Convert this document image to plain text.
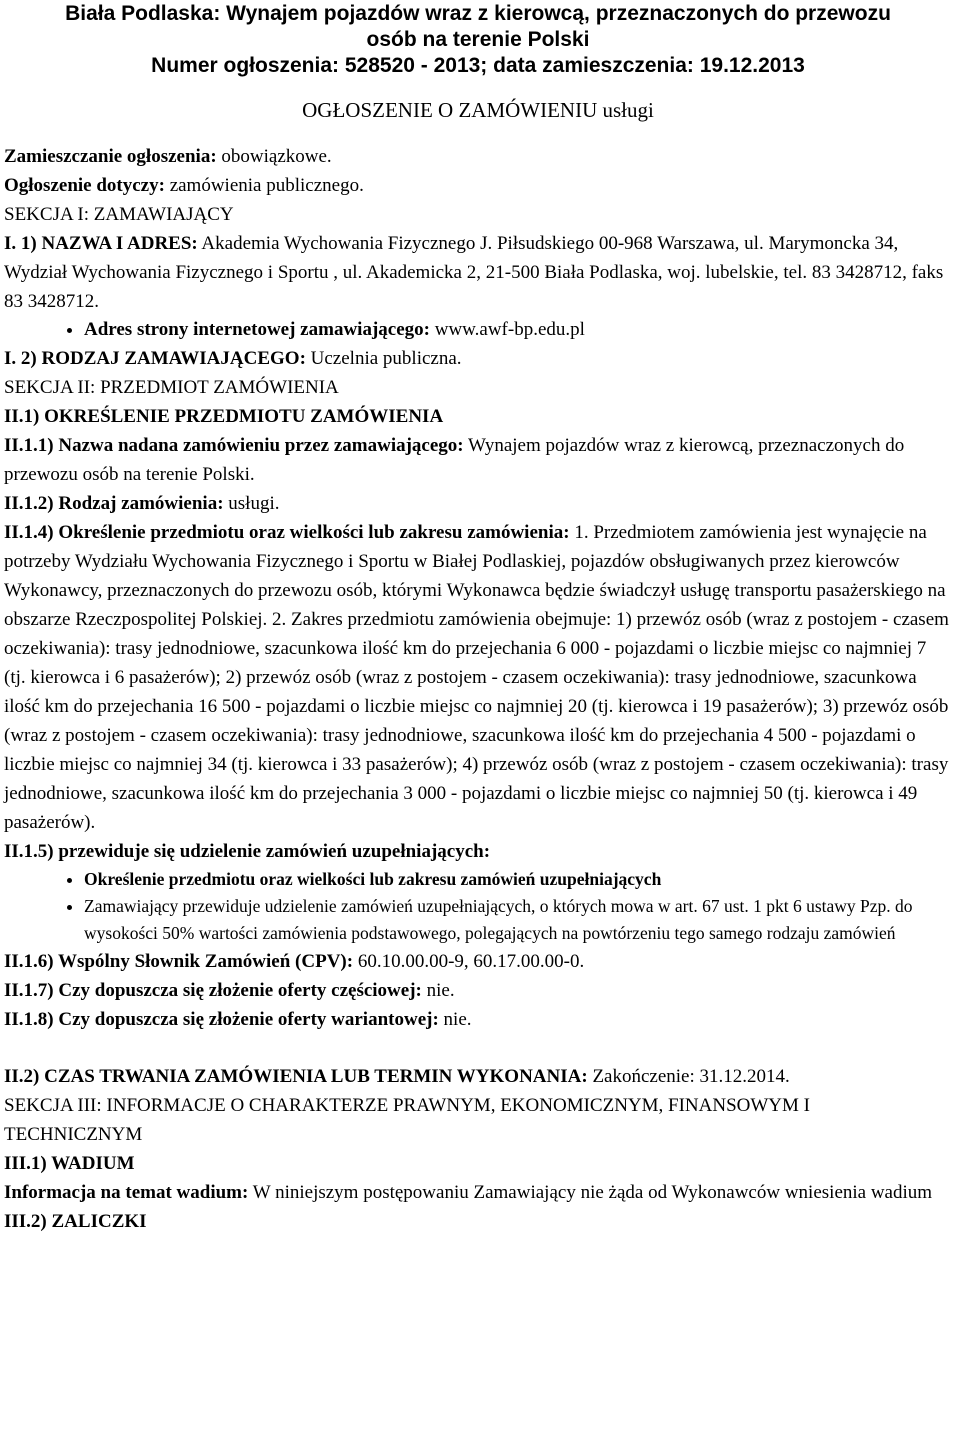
Biała Podlaska: Wynajem pojazdów wraz z kierowcą, przeznaczonych do przewozu
osób na terenie Polski
Numer ogłoszenia: 528520 - 2013; data zamieszczenia: 19.12.2013
OGŁOSZENIE O ZAMÓWIENIU usługi

Zamieszczanie ogłoszenia: obowiązkowe.

Ogłoszenie dotyczy: zamówienia publicznego.

SEKCJA I: ZAMAWIAJĄCY

I. 1) NAZWA I ADRES: Akademia Wychowania Fizycznego J. Piłsudskiego 00-968 Warszawa, ul. Marymoncka 34, Wydział Wychowania Fizycznego i Sportu , ul. Akademicka 2, 21-500 Biała Podlaska, woj. lubelskie, tel. 83 3428712, faks 83 3428712.

• Adres strony internetowej zamawiającego: www.awf-bp.edu.pl

I. 2) RODZAJ ZAMAWIAJĄCEGO: Uczelnia publiczna.

SEKCJA II: PRZEDMIOT ZAMÓWIENIA

II.1) OKREŚLENIE PRZEDMIOTU ZAMÓWIENIA

II.1.1) Nazwa nadana zamówieniu przez zamawiającego: Wynajem pojazdów wraz z kierowcą, przeznaczonych do przewozu osób na terenie Polski.

II.1.2) Rodzaj zamówienia: usługi.

II.1.4) Określenie przedmiotu oraz wielkości lub zakresu zamówienia: 1. Przedmiotem zamówienia jest wynajęcie na potrzeby Wydziału Wychowania Fizycznego i Sportu w Białej Podlaskiej, pojazdów obsługiwanych przez kierowców Wykonawcy, przeznaczonych do przewozu osób, którymi Wykonawca będzie świadczył usługę transportu pasażerskiego na obszarze Rzeczpospolitej Polskiej. 2. Zakres przedmiotu zamówienia obejmuje: 1) przewóz osób (wraz z postojem - czasem oczekiwania): trasy jednodniowe, szacunkowa ilość km do przejechania 6 000 - pojazdami o liczbie miejsc co najmniej 7 (tj. kierowca i 6 pasażerów); 2) przewóz osób (wraz z postojem - czasem oczekiwania): trasy jednodniowe, szacunkowa ilość km do przejechania 16 500 - pojazdami o liczbie miejsc co najmniej 20 (tj. kierowca i 19 pasażerów); 3) przewóz osób (wraz z postojem - czasem oczekiwania): trasy jednodniowe, szacunkowa ilość km do przejechania 4 500 - pojazdami o liczbie miejsc co najmniej 34 (tj. kierowca i 33 pasażerów); 4) przewóz osób (wraz z postojem - czasem oczekiwania): trasy jednodniowe, szacunkowa ilość km do przejechania 3 000 - pojazdami o liczbie miejsc co najmniej 50 (tj. kierowca i 49 pasażerów).

II.1.5) przewiduje się udzielenie zamówień uzupełniających:

• Określenie przedmiotu oraz wielkości lub zakresu zamówień uzupełniających
• Zamawiający przewiduje udzielenie zamówień uzupełniających, o których mowa w art. 67 ust. 1 pkt 6 ustawy Pzp. do wysokości 50% wartości zamówienia podstawowego, polegających na powtórzeniu tego samego rodzaju zamówień

II.1.6) Wspólny Słownik Zamówień (CPV): 60.10.00.00-9, 60.17.00.00-0.

II.1.7) Czy dopuszcza się złożenie oferty częściowej: nie.

II.1.8) Czy dopuszcza się złożenie oferty wariantowej: nie.

II.2) CZAS TRWANIA ZAMÓWIENIA LUB TERMIN WYKONANIA: Zakończenie: 31.12.2014.

SEKCJA III: INFORMACJE O CHARAKTERZE PRAWNYM, EKONOMICZNYM, FINANSOWYM I TECHNICZNYM

III.1) WADIUM

Informacja na temat wadium: W niniejszym postępowaniu Zamawiający nie żąda od Wykonawców wniesienia wadium

III.2) ZALICZKI
